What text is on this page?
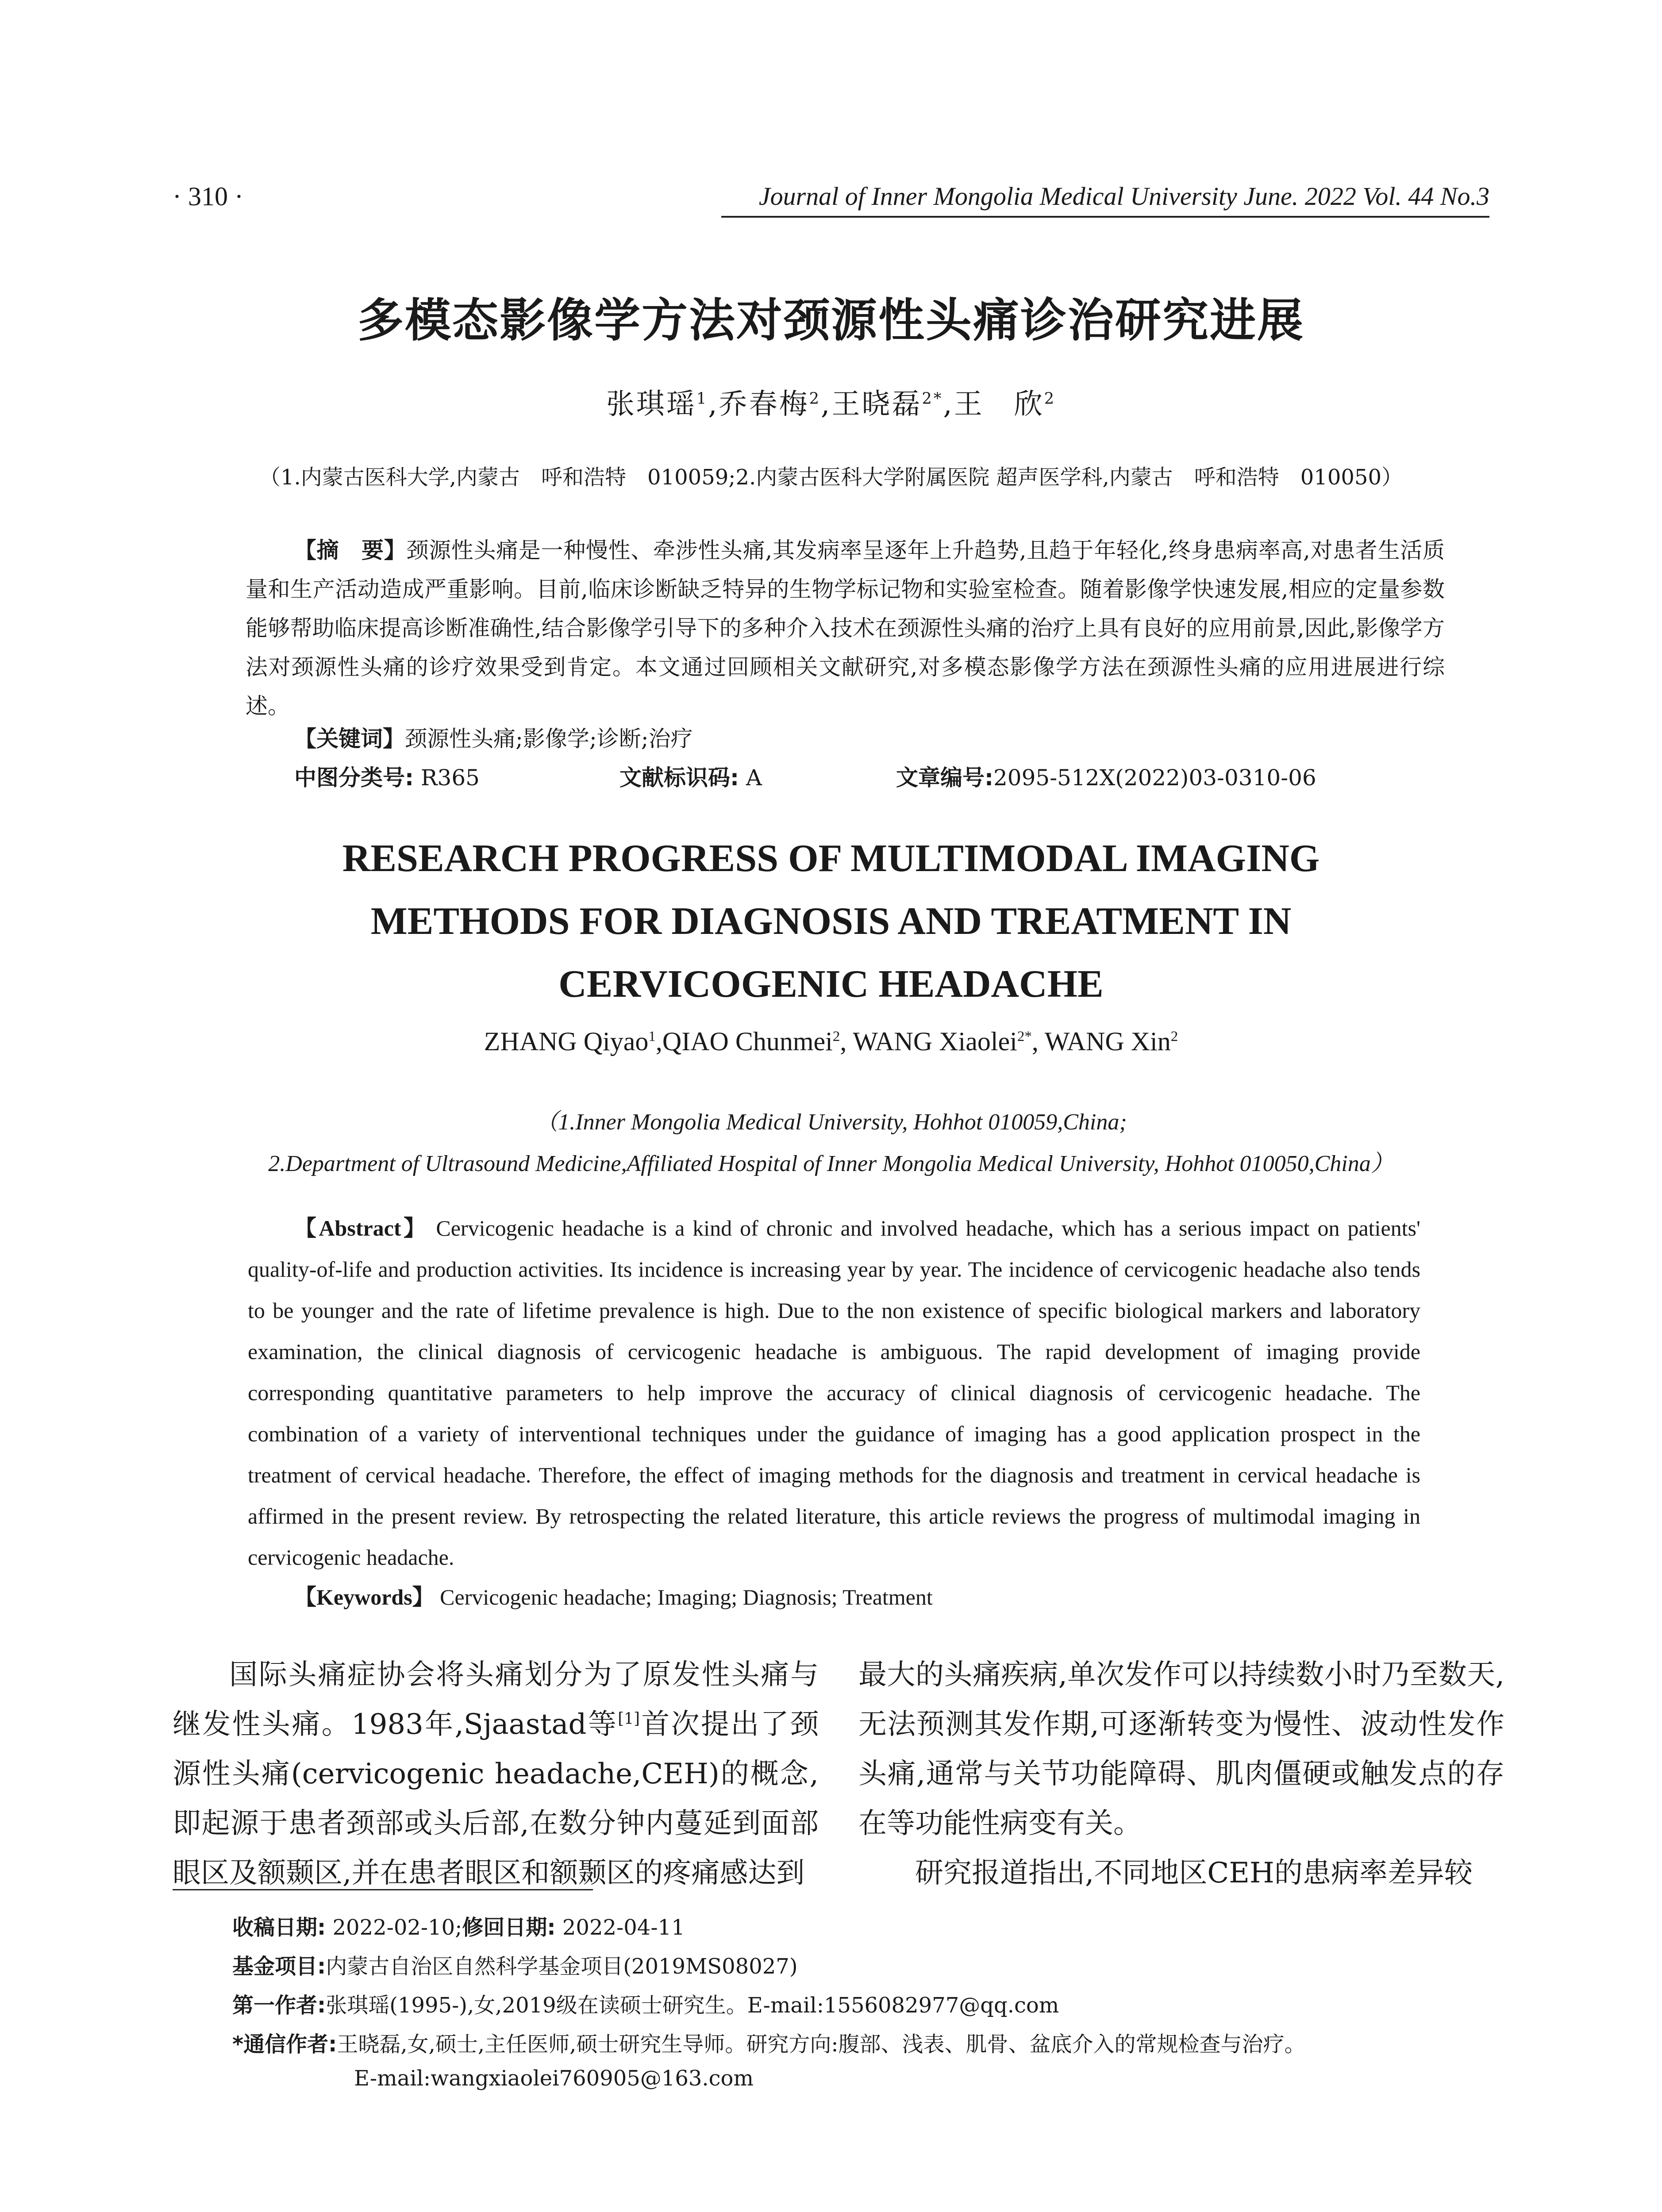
· 310 ·	Journal of Inner Mongolia Medical University June. 2022 Vol. 44 No.3
多模态影像学方法对颈源性头痛诊治研究进展
张琪瑶$^1$,乔春梅$^2$,王晓磊$^{2*}$,王　欣$^2$
（1.内蒙古医科大学,内蒙古　呼和浩特　010059;2.内蒙古医科大学附属医院 超声医学科,内蒙古　呼和浩特　010050）
【摘　要】颈源性头痛是一种慢性、牵涉性头痛,其发病率呈逐年上升趋势,且趋于年轻化,终身患病率高,对患者生活质量和生产活动造成严重影响。目前,临床诊断缺乏特异的生物学标记物和实验室检查。随着影像学快速发展,相应的定量参数能够帮助临床提高诊断准确性,结合影像学引导下的多种介入技术在颈源性头痛的治疗上具有良好的应用前景,因此,影像学方法对颈源性头痛的诊疗效果受到肯定。本文通过回顾相关文献研究,对多模态影像学方法在颈源性头痛的应用进展进行综述。
【关键词】颈源性头痛;影像学;诊断;治疗
中图分类号: R365	文献标识码: A	文章编号:2095-512X(2022)03-0310-06
RESEARCH PROGRESS OF MULTIMODAL IMAGING
METHODS FOR DIAGNOSIS AND TREATMENT IN
CERVICOGENIC HEADACHE
ZHANG Qiyao$^1$,QIAO Chunmei$^2$, WANG Xiaolei$^{2*}$, WANG Xin$^2$
（1.Inner Mongolia Medical University, Hohhot 010059,China;
2.Department of Ultrasound Medicine,Affiliated Hospital of Inner Mongolia Medical University, Hohhot 010050,China）
【Abstract】 Cervicogenic headache is a kind of chronic and involved headache, which has a serious impact on patients' quality-of-life and production activities. Its incidence is increasing year by year. The incidence of cervicogenic headache also tends to be younger and the rate of lifetime prevalence is high. Due to the non existence of specific biological markers and laboratory examination, the clinical diagnosis of cervicogenic headache is ambiguous. The rapid development of imaging provide corresponding quantitative parameters to help improve the accuracy of clinical diagnosis of cervicogenic headache. The combination of a variety of interventional techniques under the guidance of imaging has a good application prospect in the treatment of cervical headache. Therefore, the effect of imaging methods for the diagnosis and treatment in cervical headache is affirmed in the present review. By retrospecting the related literature, this article reviews the progress of multimodal imaging in cervicogenic headache.
【Keywords】 Cervicogenic headache; Imaging; Diagnosis; Treatment

国际头痛症协会将头痛划分为了原发性头痛与继发性头痛。1983年,Sjaastad等[1]首次提出了颈源性头痛(cervicogenic headache,CEH)的概念,即起源于患者颈部或头后部,在数分钟内蔓延到面部眼区及额颞区,并在患者眼区和额颞区的疼痛感达到

最大的头痛疾病,单次发作可以持续数小时乃至数天,无法预测其发作期,可逐渐转变为慢性、波动性发作头痛,通常与关节功能障碍、肌肉僵硬或触发点的存在等功能性病变有关。

研究报道指出,不同地区CEH的患病率差异较

收稿日期: 2022-02-10;修回日期: 2022-04-11
基金项目:内蒙古自治区自然科学基金项目(2019MS08027)
第一作者:张琪瑶(1995-),女,2019级在读硕士研究生。E-mail:1556082977@qq.com
*通信作者:王晓磊,女,硕士,主任医师,硕士研究生导师。研究方向:腹部、浅表、肌骨、盆底介入的常规检查与治疗。
E-mail:wangxiaolei760905@163.com
